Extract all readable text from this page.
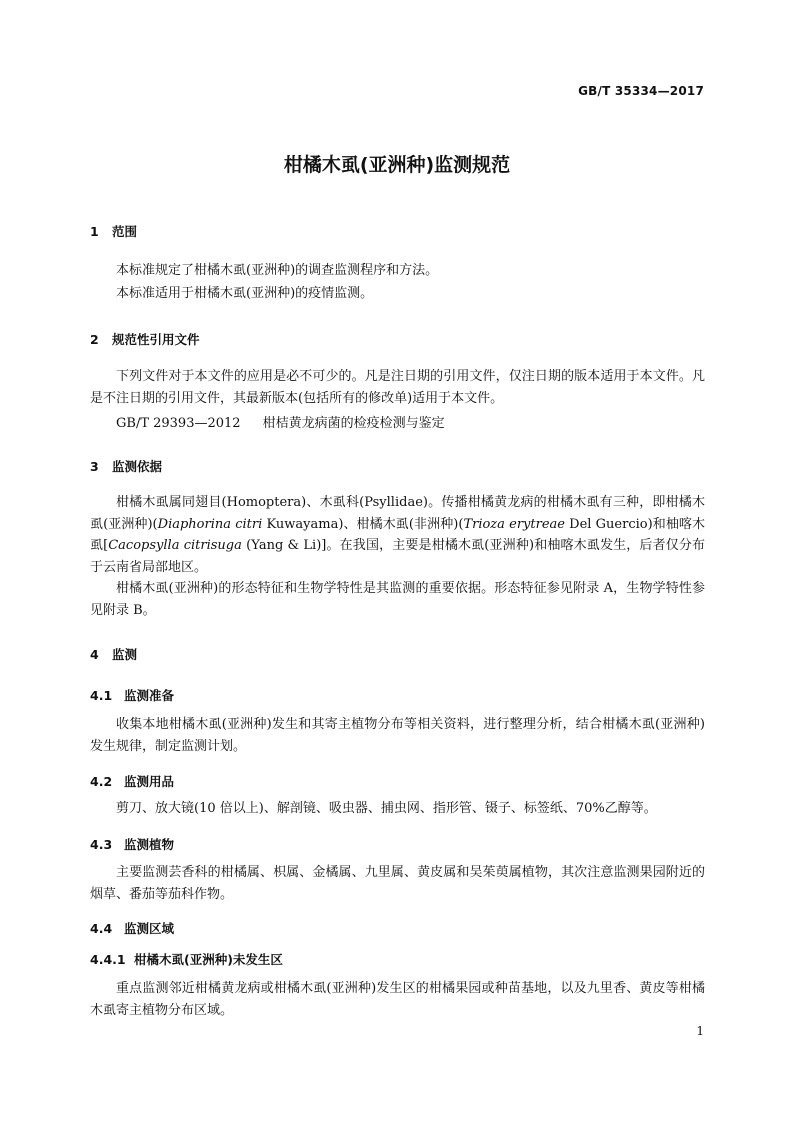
GB/T 35334—2017
柑橘木虱(亚洲种)监测规范
1 范围
本标准规定了柑橘木虱(亚洲种)的调查监测程序和方法。
本标准适用于柑橘木虱(亚洲种)的疫情监测。
2 规范性引用文件
下列文件对于本文件的应用是必不可少的。凡是注日期的引用文件，仅注日期的版本适用于本文件。凡是不注日期的引用文件，其最新版本(包括所有的修改单)适用于本文件。
GB/T 29393—2012 柑桔黄龙病菌的检疫检测与鉴定
3 监测依据
柑橘木虱属同翅目(Homoptera)、木虱科(Psyllidae)。传播柑橘黄龙病的柑橘木虱有三种，即柑橘木虱(亚洲种)(Diaphorina citri Kuwayama)、柑橘木虱(非洲种)(Trioza erytreae Del Guercio)和柚喀木虱[Cacopsylla citrisuga (Yang & Li)]。在我国，主要是柑橘木虱(亚洲种)和柚喀木虱发生，后者仅分布于云南省局部地区。
柑橘木虱(亚洲种)的形态特征和生物学特性是其监测的重要依据。形态特征参见附录 A，生物学特性参见附录 B。
4 监测
4.1 监测准备
收集本地柑橘木虱(亚洲种)发生和其寄主植物分布等相关资料，进行整理分析，结合柑橘木虱(亚洲种)发生规律，制定监测计划。
4.2 监测用品
剪刀、放大镜(10 倍以上)、解剖镜、吸虫器、捕虫网、指形管、镊子、标签纸、70%乙醇等。
4.3 监测植物
主要监测芸香科的柑橘属、枳属、金橘属、九里属、黄皮属和吴茱萸属植物，其次注意监测果园附近的烟草、番茄等茄科作物。
4.4 监测区域
4.4.1 柑橘木虱(亚洲种)未发生区
重点监测邻近柑橘黄龙病或柑橘木虱(亚洲种)发生区的柑橘果园或种苗基地，以及九里香、黄皮等柑橘木虱寄主植物分布区域。
1
